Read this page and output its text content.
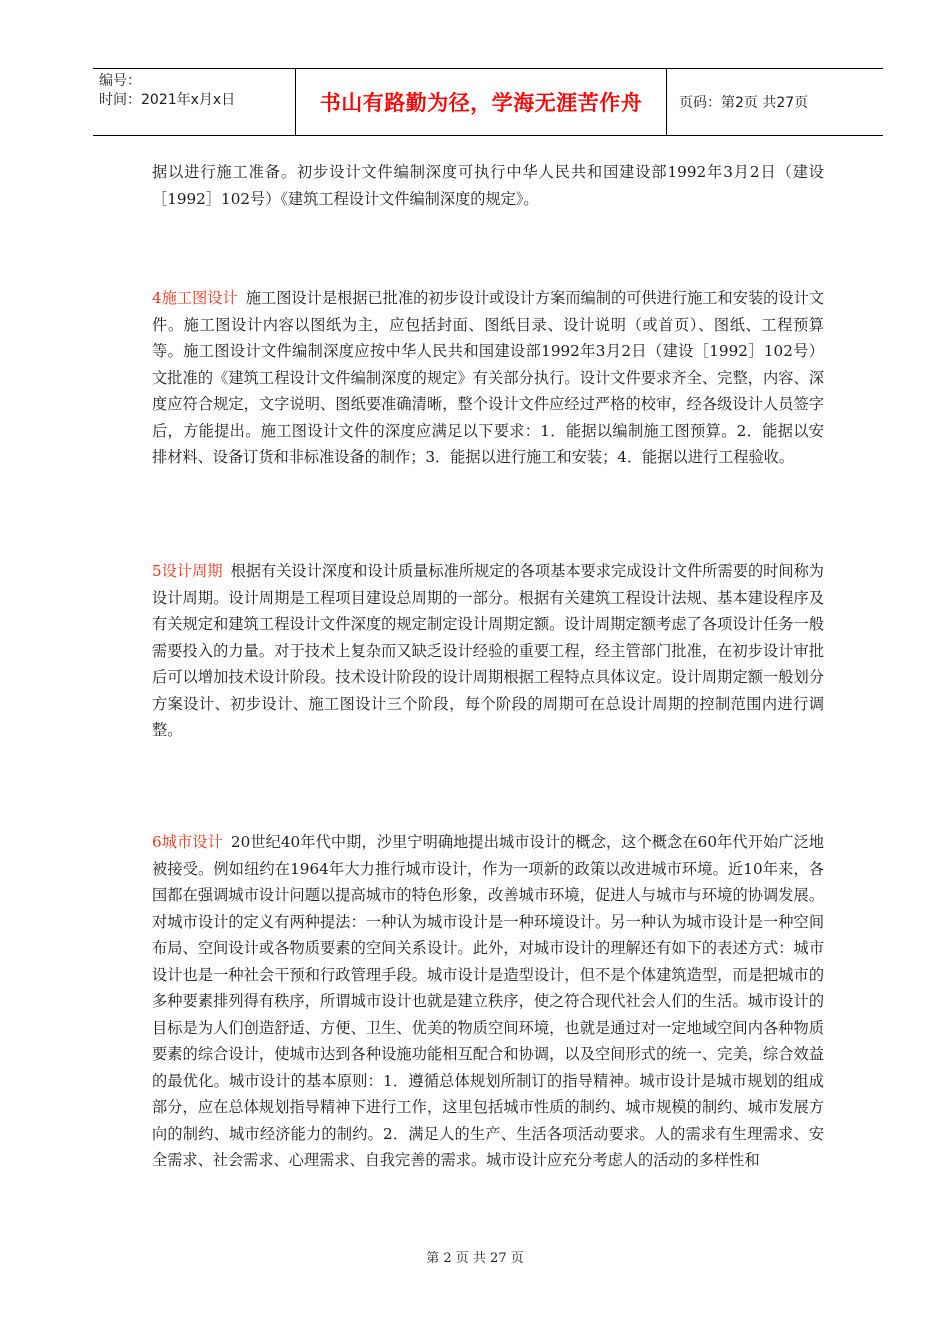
编号：
时间：2021年x月x日	书山有路勤为径，学海无涯苦作舟	页码：第2页 共27页

据以进行施工准备。初步设计文件编制深度可执行中华人民共和国建设部1992年3月2日（建设［1992］102号）《建筑工程设计文件编制深度的规定》。

4施工图设计 施工图设计是根据已批准的初步设计或设计方案而编制的可供进行施工和安装的设计文件。施工图设计内容以图纸为主，应包括封面、图纸目录、设计说明（或首页）、图纸、工程预算等。施工图设计文件编制深度应按中华人民共和国建设部1992年3月2日（建设［1992］102号）文批准的《建筑工程设计文件编制深度的规定》有关部分执行。设计文件要求齐全、完整，内容、深度应符合规定，文字说明、图纸要准确清晰，整个设计文件应经过严格的校审，经各级设计人员签字后，方能提出。施工图设计文件的深度应满足以下要求：1．能据以编制施工图预算。2．能据以安排材料、设备订货和非标准设备的制作；3．能据以进行施工和安装；4．能据以进行工程验收。

5设计周期 根据有关设计深度和设计质量标准所规定的各项基本要求完成设计文件所需要的时间称为设计周期。设计周期是工程项目建设总周期的一部分。根据有关建筑工程设计法规、基本建设程序及有关规定和建筑工程设计文件深度的规定制定设计周期定额。设计周期定额考虑了各项设计任务一般需要投入的力量。对于技术上复杂而又缺乏设计经验的重要工程，经主管部门批准，在初步设计审批后可以增加技术设计阶段。技术设计阶段的设计周期根据工程特点具体议定。设计周期定额一般划分方案设计、初步设计、施工图设计三个阶段，每个阶段的周期可在总设计周期的控制范围内进行调整。

6城市设计 20世纪40年代中期，沙里宁明确地提出城市设计的概念，这个概念在60年代开始广泛地被接受。例如纽约在1964年大力推行城市设计，作为一项新的政策以改进城市环境。近10年来，各国都在强调城市设计问题以提高城市的特色形象，改善城市环境，促进人与城市与环境的协调发展。对城市设计的定义有两种提法：一种认为城市设计是一种环境设计。另一种认为城市设计是一种空间布局、空间设计或各物质要素的空间关系设计。此外，对城市设计的理解还有如下的表述方式：城市设计也是一种社会干预和行政管理手段。城市设计是造型设计，但不是个体建筑造型，而是把城市的多种要素排列得有秩序，所谓城市设计也就是建立秩序，使之符合现代社会人们的生活。城市设计的目标是为人们创造舒适、方便、卫生、优美的物质空间环境，也就是通过对一定地域空间内各种物质要素的综合设计，使城市达到各种设施功能相互配合和协调，以及空间形式的统一、完美，综合效益的最优化。城市设计的基本原则：1．遵循总体规划所制订的指导精神。城市设计是城市规划的组成部分，应在总体规划指导精神下进行工作，这里包括城市性质的制约、城市规模的制约、城市发展方向的制约、城市经济能力的制约。2．满足人的生产、生活各项活动要求。人的需求有生理需求、安全需求、社会需求、心理需求、自我完善的需求。城市设计应充分考虑人的活动的多样性和

第 2 页 共 27 页
